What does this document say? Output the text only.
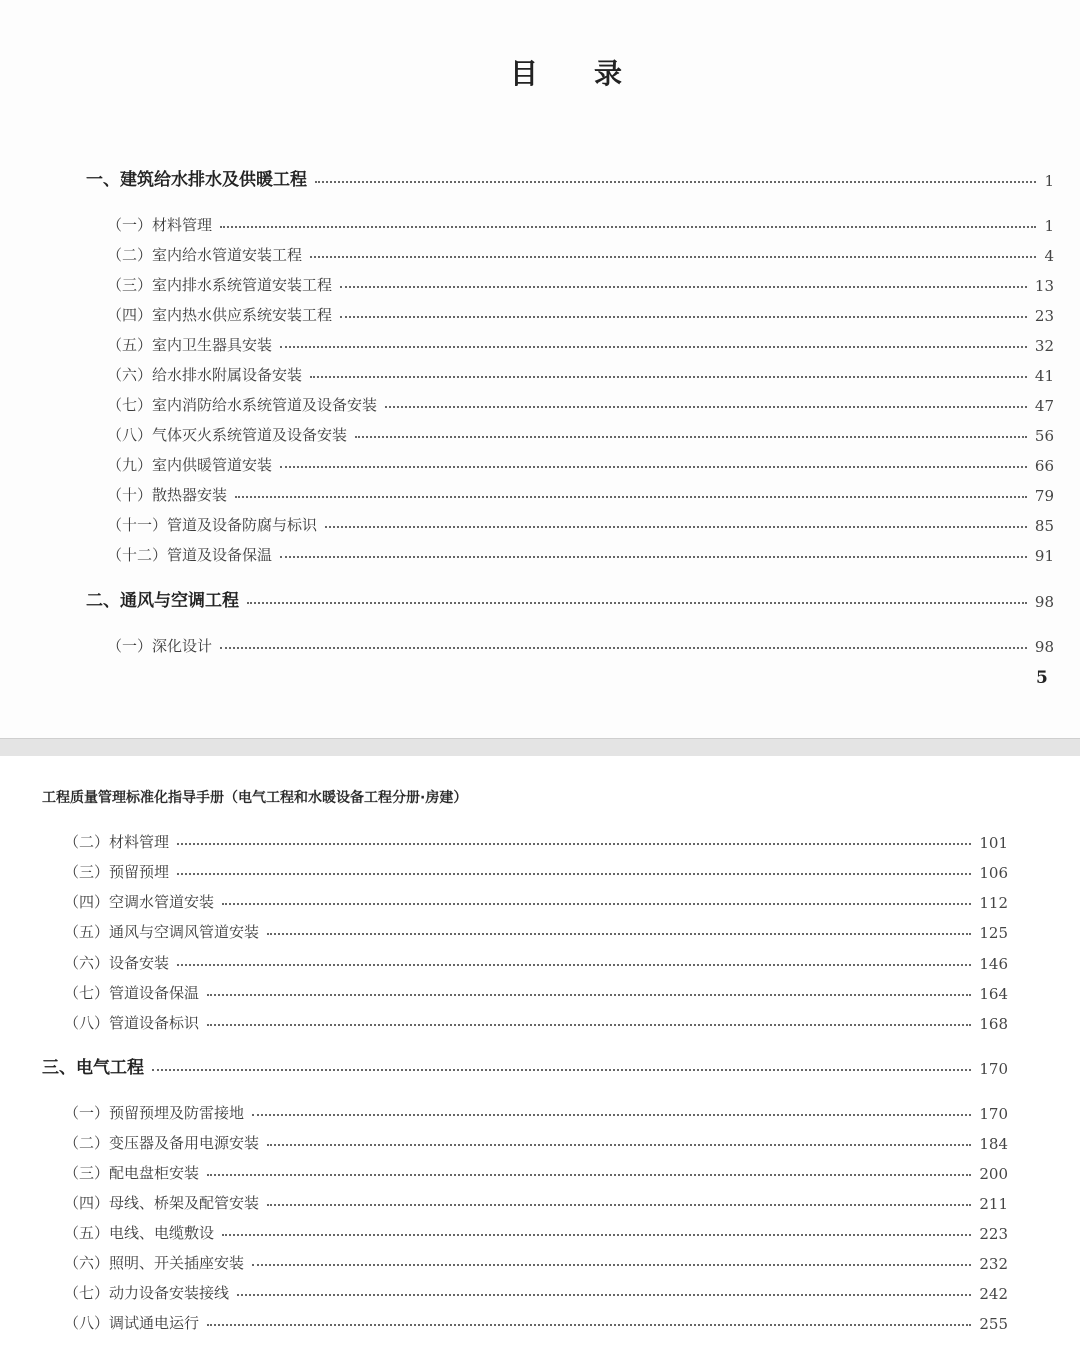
目录
一、建筑给水排水及供暖工程	1
（一）材料管理	1
（二）室内给水管道安装工程	4
（三）室内排水系统管道安装工程	13
（四）室内热水供应系统安装工程	23
（五）室内卫生器具安装	32
（六）给水排水附属设备安装	41
（七）室内消防给水系统管道及设备安装	47
（八）气体灭火系统管道及设备安装	56
（九）室内供暖管道安装	66
（十）散热器安装	79
（十一）管道及设备防腐与标识	85
（十二）管道及设备保温	91
二、通风与空调工程	98
（一）深化设计	98
5
工程质量管理标准化指导手册（电气工程和水暖设备工程分册·房建）
（二）材料管理	101
（三）预留预埋	106
（四）空调水管道安装	112
（五）通风与空调风管道安装	125
（六）设备安装	146
（七）管道设备保温	164
（八）管道设备标识	168
三、电气工程	170
（一）预留预埋及防雷接地	170
（二）变压器及备用电源安装	184
（三）配电盘柜安装	200
（四）母线、桥架及配管安装	211
（五）电线、电缆敷设	223
（六）照明、开关插座安装	232
（七）动力设备安装接线	242
（八）调试通电运行	255
